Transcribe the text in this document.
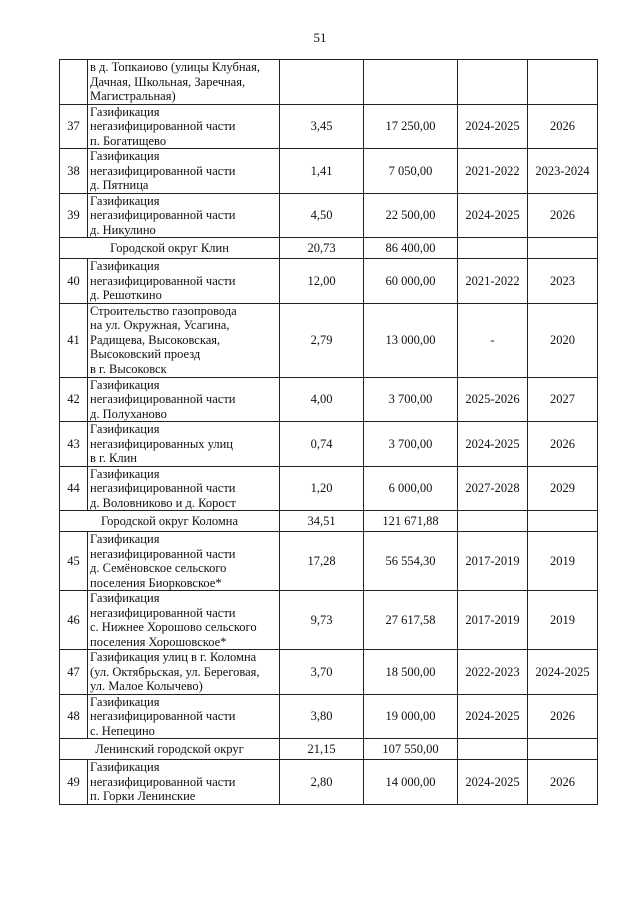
51
	в д. Топкаиово (улицы Клубная,
Дачная, Школьная, Заречная,
Магистральная)				
37	Газификация
негазифицированной части
п. Богатищево	3,45	17 250,00	2024-2025	2026
38	Газификация
негазифицированной части
д. Пятница	1,41	7 050,00	2021-2022	2023-2024
39	Газификация
негазифицированной части
д. Никулино	4,50	22 500,00	2024-2025	2026
Городской округ Клин		20,73	86 400,00		
40	Газификация
негазифицированной части
д. Решоткино	12,00	60 000,00	2021-2022	2023
41	Строительство газопровода
на ул. Окружная, Усагина,
Радищева, Высоковская,
Высоковский проезд
в г. Высоковск	2,79	13 000,00	-	2020
42	Газификация
негазифицированной части
д. Полуханово	4,00	3 700,00	2025-2026	2027
43	Газификация
негазифицированных улиц
в г. Клин	0,74	3 700,00	2024-2025	2026
44	Газификация
негазифицированной части
д. Воловниково и д. Корост	1,20	6 000,00	2027-2028	2029
Городской округ Коломна		34,51	121 671,88		
45	Газификация
негазифицированной части
д. Семёновское сельского
поселения Биорковское*	17,28	56 554,30	2017-2019	2019
46	Газификация
негазифицированной части
с. Нижнее Хорошово сельского
поселения Хорошовское*	9,73	27 617,58	2017-2019	2019
47	Газификация улиц в г. Коломна
(ул. Октябрьская, ул. Береговая,
ул. Малое Колычево)	3,70	18 500,00	2022-2023	2024-2025
48	Газификация
негазифицированной части
с. Непецино	3,80	19 000,00	2024-2025	2026
Ленинский городской округ		21,15	107 550,00		
49	Газификация
негазифицированной части
п. Горки Ленинские	2,80	14 000,00	2024-2025	2026
